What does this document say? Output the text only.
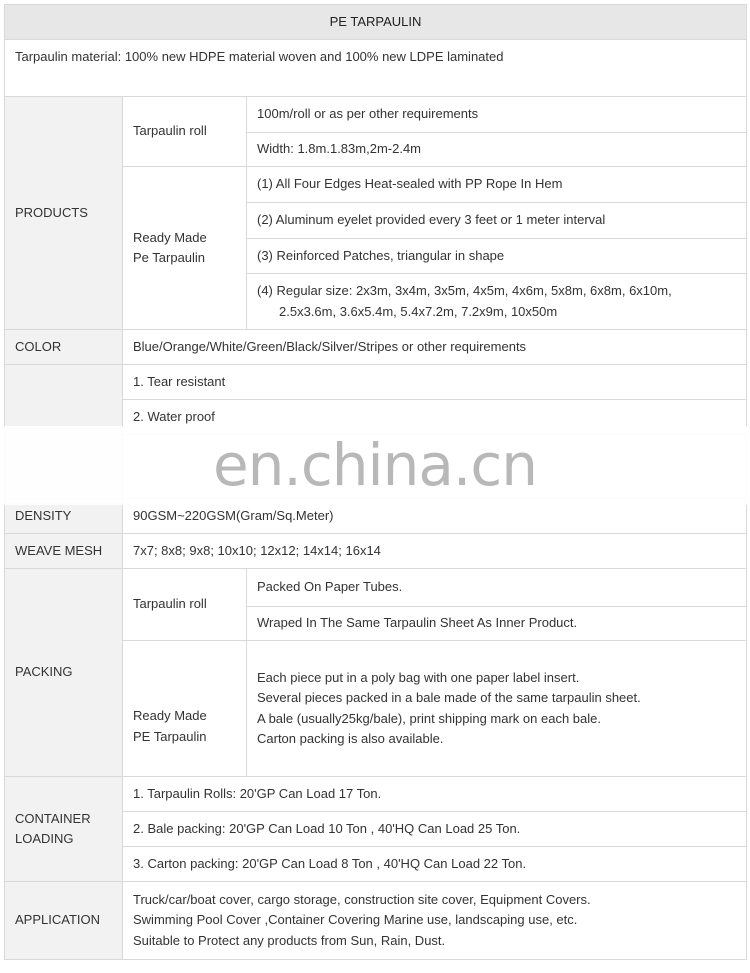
PE TARPAULIN		
Tarpaulin material: 100% new HDPE material woven and 100% new LDPE laminated		
PRODUCTS	Tarpaulin roll	100m/roll or as per other requirements
		Width: 1.8m.1.83m,2m-2.4m

	Ready Made
Pe Tarpaulin	(1) All Four Edges Heat-sealed with PP Rope In Hem
		(2) Aluminum eyelet provided every 3 feet or 1 meter interval
		(3) Reinforced Patches, triangular in shape

		(4) Regular size: 2x3m, 3x4m, 3x5m, 4x5m, 4x6m, 5x8m, 6x8m, 6x10m,
2.5x3.6m, 3.6x5.4m, 5.4x7.2m, 7.2x9m, 10x50m

COLOR	Blue/Orange/White/Green/Black/Silver/Stripes or other requirements	
	1. Tear resistant	
	2. Water proof	

DENSITY	90GSM~220GSM(Gram/Sq.Meter)	
WEAVE MESH	7x7; 8x8; 9x8; 10x10; 12x12; 14x14; 16x14	
PACKING	Tarpaulin roll	Packed On Paper Tubes.
		Wraped In The Same Tarpaulin Sheet As Inner Product.

	Ready Made
PE Tarpaulin	Each piece put in a poly bag with one paper label insert.
Several pieces packed in a bale made of the same tarpaulin sheet.
A bale (usually25kg/bale), print shipping mark on each bale.
Carton packing is also available.

CONTAINER
LOADING	1. Tarpaulin Rolls: 20'GP Can Load 17 Ton.	
	2. Bale packing: 20'GP Can Load 10 Ton , 40'HQ Can Load 25 Ton.	
	3. Carton packing: 20'GP Can Load 8 Ton , 40'HQ Can Load 22 Ton.	
APPLICATION	Truck/car/boat cover, cargo storage, construction site cover, Equipment Covers.
Swimming Pool Cover ,Container Covering Marine use, landscaping use, etc.
Suitable to Protect any products from Sun, Rain, Dust.	
en.china.cn
